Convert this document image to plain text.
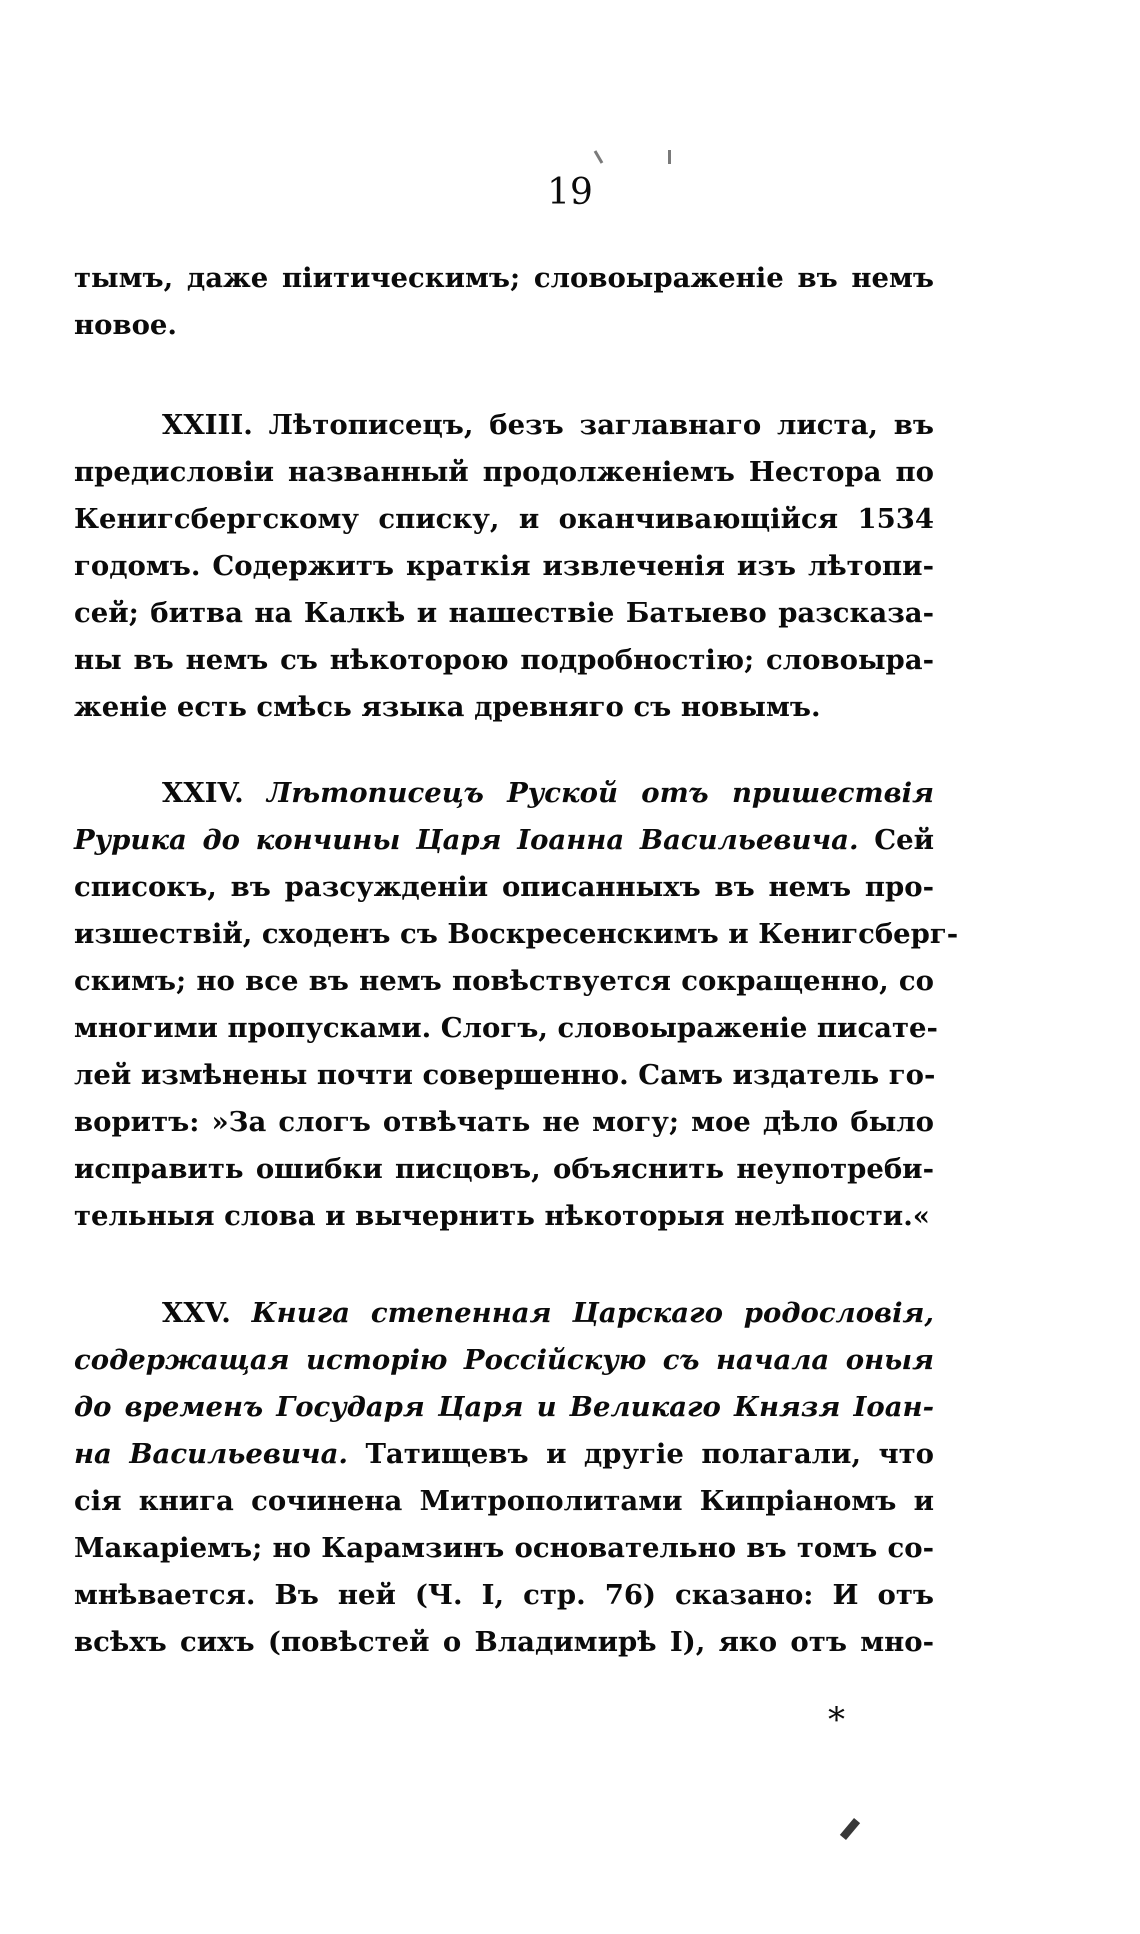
19
тымъ, даже пiитическимъ; словоыраженiе въ немъ
новое.
XXIII. Лѣтописецъ, безъ заглавнаго листа, въ
предисловiи названный продолженiемъ Нестора по
Кенигсбергскому списку, и оканчивающiйся 1534
годомъ. Содержитъ краткiя извлеченiя изъ лѣтопи-
сей; битва на Калкѣ и нашествiе Батыево разсказа-
ны въ немъ съ нѣкоторою подробностiю; словоыра-
женiе есть смѣсь языка древняго съ новымъ.
XXIV. Лѣтописецъ Руской отъ пришествiя
Рурика до кончины Царя Iоанна Васильевича. Сей
списокъ, въ разсужденiи описанныхъ въ немъ про-
изшествiй, сходенъ съ Воскресенскимъ и Кенигсберг-
скимъ; но все въ немъ повѣствуется сокращенно, со
многими пропусками. Слогъ, словоыраженiе писате-
лей измѣнены почти совершенно. Самъ издатель го-
воритъ: »За слогъ отвѣчать не могу; мое дѣло было
исправить ошибки писцовъ, объяснить неупотреби-
тельныя слова и вычернить нѣкоторыя нелѣпости.«
XXV. Книга степенная Царскаго родословiя,
содержащая исторiю Россiйскую съ начала оныя
до временъ Государя Царя и Великаго Князя Iоан-
на Васильевича. Татищевъ и другiе полагали, что
сiя книга сочинена Митрополитами Кипрiаномъ и
Макарiемъ; но Карамзинъ основательно въ томъ со-
мнѣвается. Въ ней (Ч. I, стр. 76) сказано: И отъ
всѣхъ сихъ (повѣстей о Владимирѣ I), яко отъ мно-
*
